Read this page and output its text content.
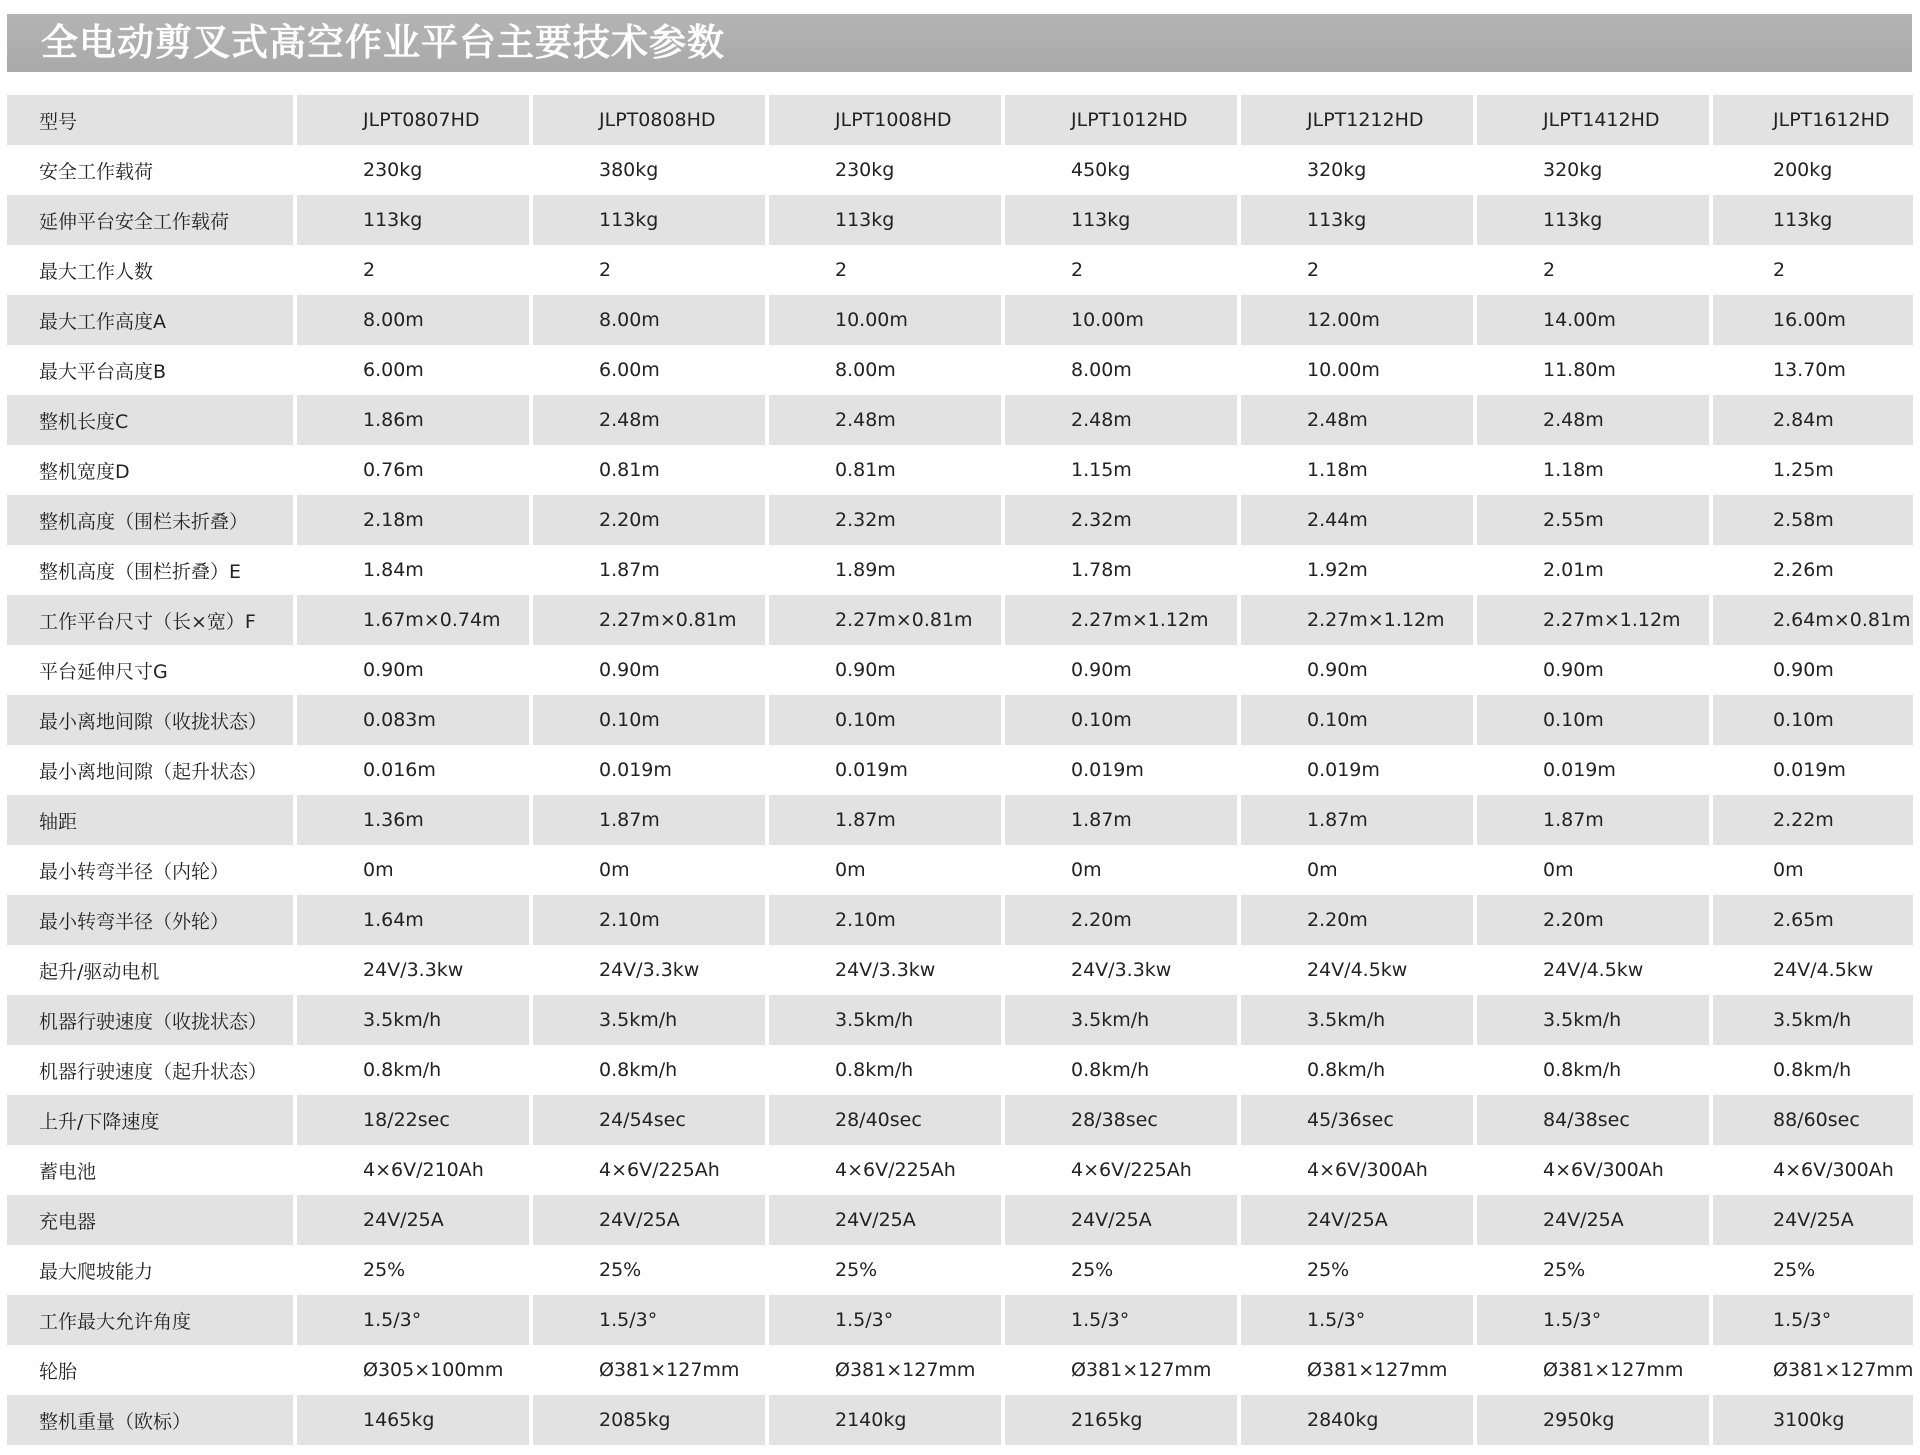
全电动剪叉式高空作业平台主要技术参数
型号	JLPT0807HD	JLPT0808HD	JLPT1008HD	JLPT1012HD	JLPT1212HD	JLPT1412HD	JLPT1612HD
安全工作载荷	230kg	380kg	230kg	450kg	320kg	320kg	200kg
延伸平台安全工作载荷	113kg	113kg	113kg	113kg	113kg	113kg	113kg
最大工作人数	2	2	2	2	2	2	2
最大工作高度A	8.00m	8.00m	10.00m	10.00m	12.00m	14.00m	16.00m
最大平台高度B	6.00m	6.00m	8.00m	8.00m	10.00m	11.80m	13.70m
整机长度C	1.86m	2.48m	2.48m	2.48m	2.48m	2.48m	2.84m
整机宽度D	0.76m	0.81m	0.81m	1.15m	1.18m	1.18m	1.25m
整机高度（围栏未折叠）	2.18m	2.20m	2.32m	2.32m	2.44m	2.55m	2.58m
整机高度（围栏折叠）E	1.84m	1.87m	1.89m	1.78m	1.92m	2.01m	2.26m
工作平台尺寸（长×宽）F	1.67m×0.74m	2.27m×0.81m	2.27m×0.81m	2.27m×1.12m	2.27m×1.12m	2.27m×1.12m	2.64m×0.81m
平台延伸尺寸G	0.90m	0.90m	0.90m	0.90m	0.90m	0.90m	0.90m
最小离地间隙（收拢状态）	0.083m	0.10m	0.10m	0.10m	0.10m	0.10m	0.10m
最小离地间隙（起升状态）	0.016m	0.019m	0.019m	0.019m	0.019m	0.019m	0.019m
轴距	1.36m	1.87m	1.87m	1.87m	1.87m	1.87m	2.22m
最小转弯半径（内轮）	0m	0m	0m	0m	0m	0m	0m
最小转弯半径（外轮）	1.64m	2.10m	2.10m	2.20m	2.20m	2.20m	2.65m
起升/驱动电机	24V/3.3kw	24V/3.3kw	24V/3.3kw	24V/3.3kw	24V/4.5kw	24V/4.5kw	24V/4.5kw
机器行驶速度（收拢状态）	3.5km/h	3.5km/h	3.5km/h	3.5km/h	3.5km/h	3.5km/h	3.5km/h
机器行驶速度（起升状态）	0.8km/h	0.8km/h	0.8km/h	0.8km/h	0.8km/h	0.8km/h	0.8km/h
上升/下降速度	18/22sec	24/54sec	28/40sec	28/38sec	45/36sec	84/38sec	88/60sec
蓄电池	4×6V/210Ah	4×6V/225Ah	4×6V/225Ah	4×6V/225Ah	4×6V/300Ah	4×6V/300Ah	4×6V/300Ah
充电器	24V/25A	24V/25A	24V/25A	24V/25A	24V/25A	24V/25A	24V/25A
最大爬坡能力	25%	25%	25%	25%	25%	25%	25%
工作最大允许角度	1.5/3°	1.5/3°	1.5/3°	1.5/3°	1.5/3°	1.5/3°	1.5/3°
轮胎	Ø305×100mm	Ø381×127mm	Ø381×127mm	Ø381×127mm	Ø381×127mm	Ø381×127mm	Ø381×127mm
整机重量（欧标）	1465kg	2085kg	2140kg	2165kg	2840kg	2950kg	3100kg
